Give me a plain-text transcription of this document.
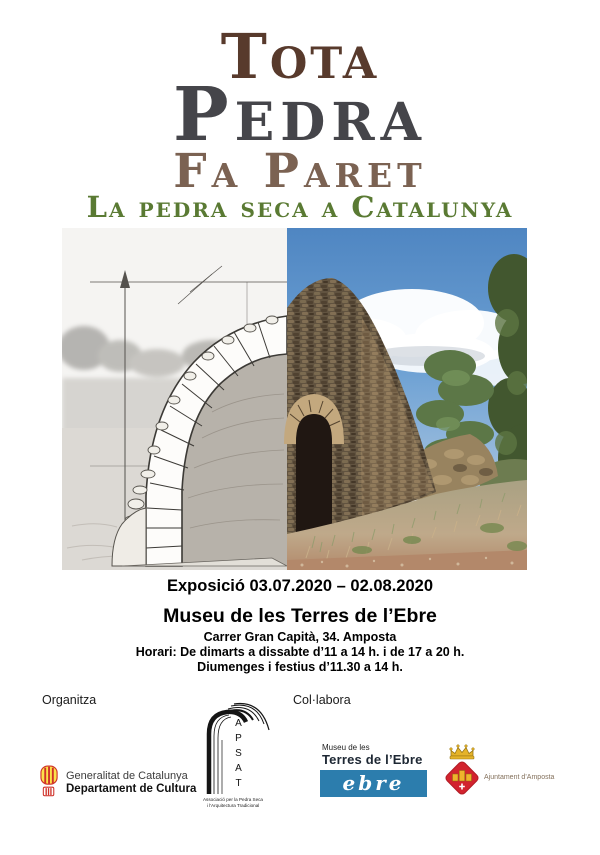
Tota
Pedra
Fa Paret
La pedra seca a Catalunya
Exposició 03.07.2020 – 02.08.2020
Museu de les Terres de l’Ebre
Carrer Gran Capità, 34. Amposta
Horari: De dimarts a dissabte d’11 a 14 h. i de 17 a 20 h.
Diumenges i festius d’11.30 a 14 h.
Organitza	Col·labora
Generalitat de Catalunya
Departament de Cultura	APSAT
Associació per la Pedra Seca
i l’Arquitectura Tradicional
Museu de les
Terres de l’Ebre
ebre	Ajuntament d’Amposta
